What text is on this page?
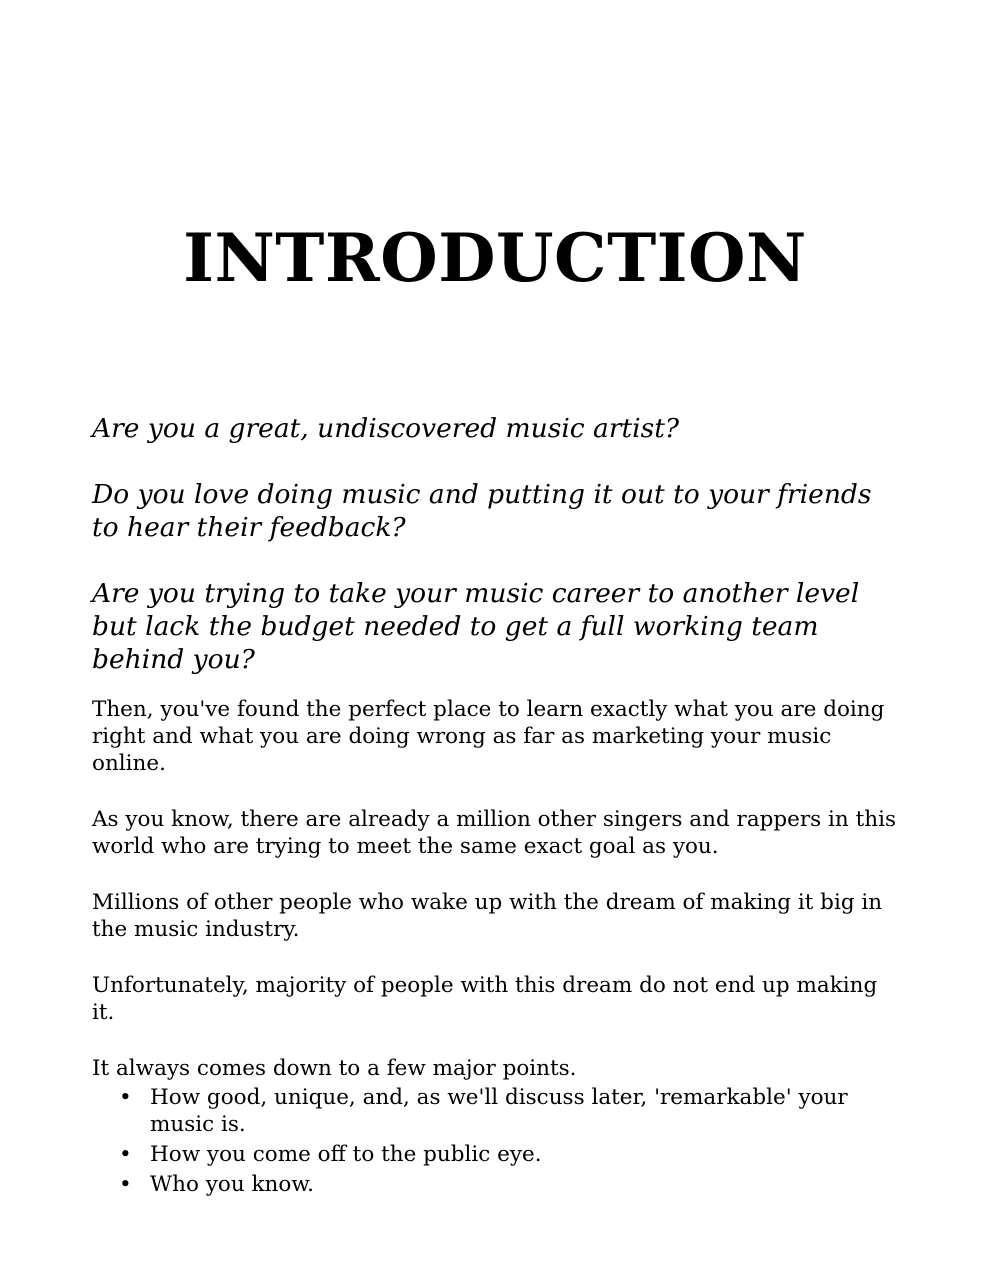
INTRODUCTION

Are you a great, undiscovered music artist?

Do you love doing music and putting it out to your friends to hear their feedback?

Are you trying to take your music career to another level but lack the budget needed to get a full working team behind you?

Then, you've found the perfect place to learn exactly what you are doing right and what you are doing wrong as far as marketing your music online.

As you know, there are already a million other singers and rappers in this world who are trying to meet the same exact goal as you.

Millions of other people who wake up with the dream of making it big in the music industry.

Unfortunately, majority of people with this dream do not end up making it.

It always comes down to a few major points.

• How good, unique, and, as we'll discuss later, 'remarkable' your music is.
• How you come off to the public eye.
• Who you know.
